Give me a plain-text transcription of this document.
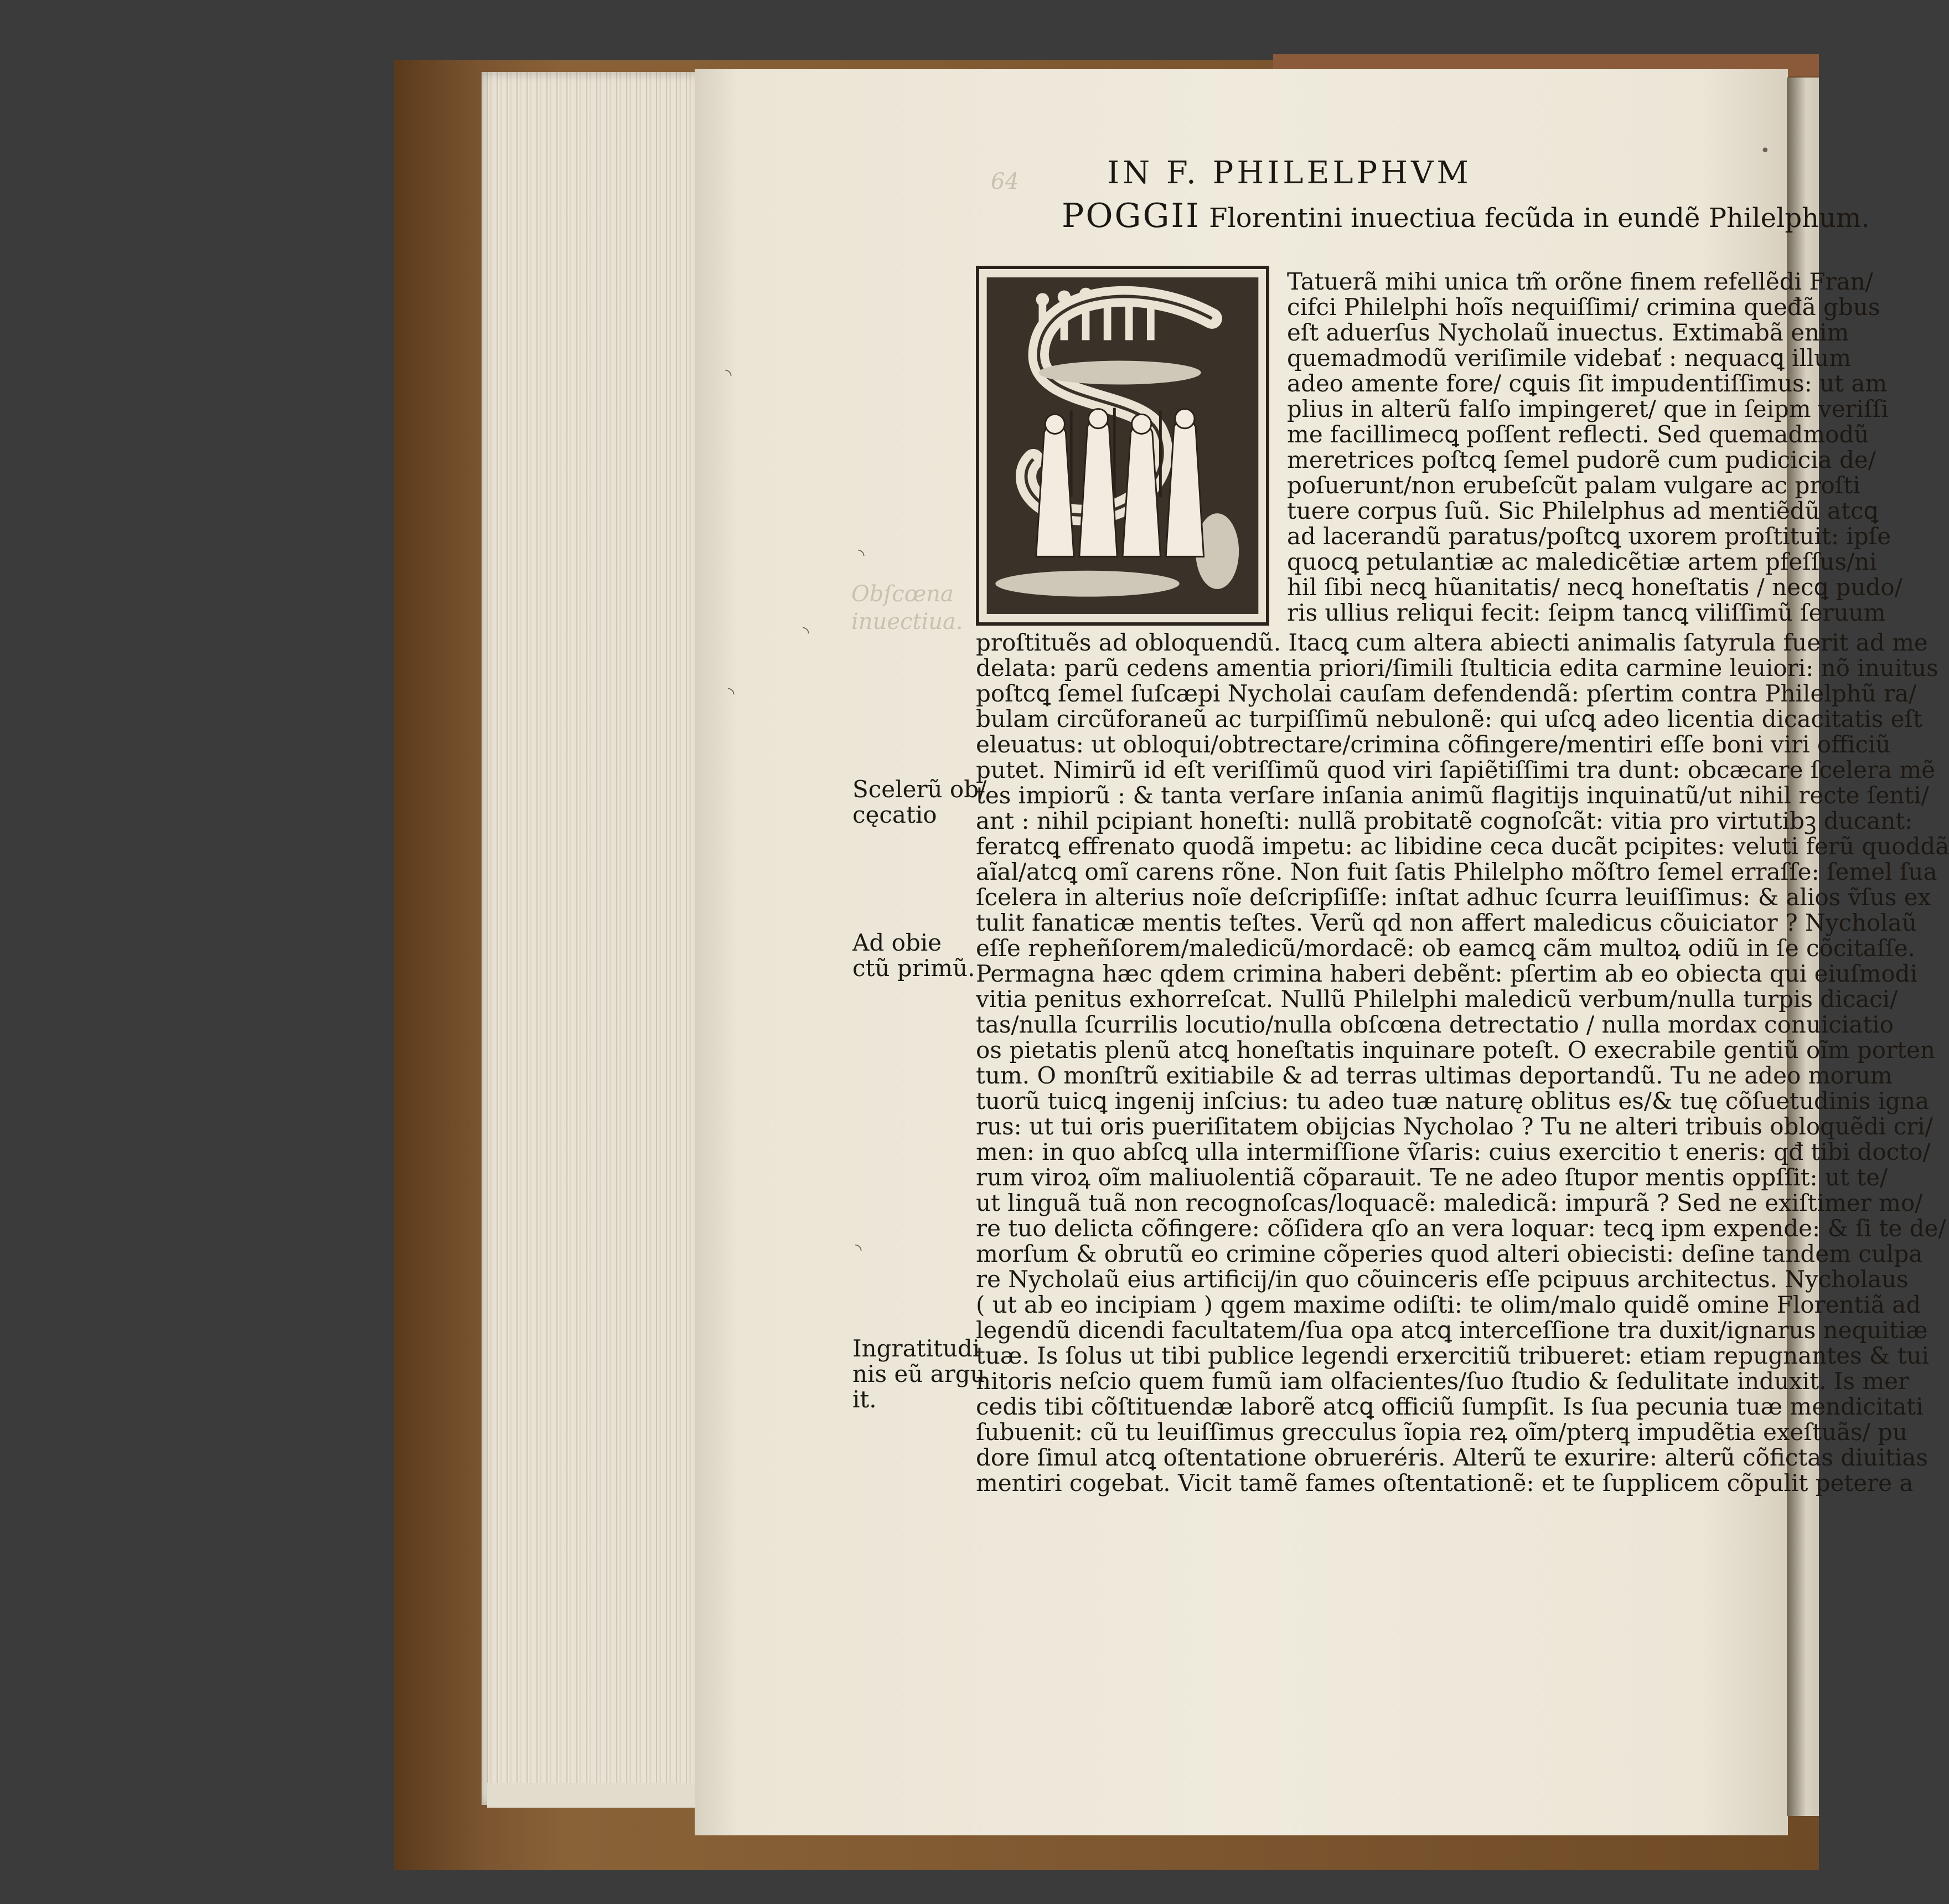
Obſcœna
inuectiua.
64
◝
◝
◝
◝
◝
•
IN F. PHILELPHVM
POGGII Florentini inuectiua fecũda in eundẽ Philelphum.
Tatuerã mihi unica tm̃ orõne finem refellẽdi Fran/
cifci Philelphi hoĩs nequiſſimi/ crimina queđã gbus
eſt aduerſus Nycholaũ inuectus. Extimabã enim
quemadmodũ veriſimile videbať : nequacꝗ illum
adeo amente fore/ cꝗuis ſit impudentiſſimus: ut am
plius in alterũ falſo impingeret/ que in ſeipm veriſſi
me facillimecꝗ poſſent reflecti. Sed quemadmodũ
meretrices poſtcꝗ ſemel pudorẽ cum pudicicia de/
poſuerunt/non erubeſcũt palam vulgare ac proſti
tuere corpus ſuũ. Sic Philelphus ad mentiẽdũ atcꝗ
ad lacerandũ paratus/poſtcꝗ uxorem proſtituit: ipſe
quocꝗ petulantiæ ac maledicẽtiæ artem pfeſſus/ni
hil ſibi necꝗ hũanitatis/ necꝗ honeſtatis / necꝗ pudo/
ris ullius reliqui fecit: ſeipm tancꝗ viliſſimũ ſeruum
proſtituẽs ad obloquendũ. Itacꝗ cum altera abiecti animalis ſatyrula fuerit ad me
delata: parũ cedens amentia priori/ſimili ſtulticia edita carmine leuiori: nõ inuitus
poſtcꝗ ſemel ſuſcæpi Nycholai cauſam defendendã: pſertim contra Philelphũ ra/
bulam circũforaneũ ac turpiſſimũ nebulonẽ: qui uſcꝗ adeo licentia dicacitatis eſt
eleuatus: ut obloqui/obtrectare/crimina cõfingere/mentiri eſſe boni viri officiũ
putet. Nimirũ id eſt veriſſimũ quod viri ſapiẽtiſſimi tra dunt: obcæcare ſcelera mẽ
tes impiorũ : & tanta verſare inſania animũ flagitijs inquinatũ/ut nihil recte ſenti/
ant : nihil pcipiant honeſti: nullã probitatẽ cognoſcãt: vitia pro virtutibꝫ ducant:
feratcꝗ effrenato quodã impetu: ac libidine ceca ducãt pcipites: veluti ferũ quoddã
aĩal/atcꝗ omĩ carens rõne. Non fuit ſatis Philelpho mõſtro ſemel erraſſe: ſemel ſua
ſcelera in alterius noĩe deſcripſiſſe: inſtat adhuc ſcurra leuiſſimus: & alios ṽſus ex
tulit fanaticæ mentis teſtes. Verũ qd non affert maledicus cõuiciator ? Nycholaũ
eſſe repheñſorem/maledicũ/mordacẽ: ob eamcꝗ cãm multoꝝ odiũ in ſe cõcitaſſe.
Permagna hæc qdem crimina haberi debẽnt: pſertim ab eo obiecta qui eiuſmodi
vitia penitus exhorreſcat. Nullũ Philelphi maledicũ verbum/nulla turpis dicaci/
tas/nulla ſcurrilis locutio/nulla obſcœna detrectatio / nulla mordax conuiciatio
os pietatis plenũ atcꝗ honeſtatis inquinare poteſt. O execrabile gentiũ oĩm porten
tum. O monſtrũ exitiabile & ad terras ultimas deportandũ. Tu ne adeo morum
tuorũ tuicꝗ ingenij inſcius: tu adeo tuæ naturę oblitus es/& tuę cõſuetudinis igna
rus: ut tui oris pueriſitatem obijcias Nycholao ? Tu ne alteri tribuis obloquẽdi cri/
men: in quo abſcꝗ ulla intermiſſione ṽſaris: cuius exercitio t eneris: qđ tibi docto/
rum viroꝝ oĩm maliuolentiã cõparauit. Te ne adeo ſtupor mentis oppſſit: ut te/
ut linguã tuã non recognoſcas/loquacẽ: maledicã: impurã ? Sed ne exiſtimer mo/
re tuo delicta cõfingere: cõſidera qſo an vera loquar: tecꝗ ipm expende: & ſi te de/
morſum & obrutũ eo crimine cõperies quod alteri obiecisti: deſine tandem culpa
re Nycholaũ eius artificij/in quo cõuinceris eſſe pcipuus architectus. Nycholaus
( ut ab eo incipiam ) qgem maxime odiſti: te olim/malo quidẽ omine Florentiã ad
legendũ dicendi facultatem/ſua opa atcꝗ interceſſione tra duxit/ignarus nequitiæ
tuæ. Is ſolus ut tibi publice legendi erxercitiũ tribueret: etiam repugnantes & tui
nitoris neſcio quem fumũ iam olfacientes/ſuo ſtudio & ſedulitate induxit. Is mer
cedis tibi cõſtituendæ laborẽ atcꝗ officiũ ſumpſit. Is ſua pecunia tuæ mendicitati
ſubuenit: cũ tu leuiſſimus grecculus ĩopia reꝝ oĩm/pterꝗ impudẽtia exeſtuãs/ pu
dore ſimul atcꝗ oſtentatione obrueréris. Alterũ te exurire: alterũ cõfictas diuitias
mentiri cogebat. Vicit tamẽ fames oſtentationẽ: et te ſupplicem cõpulit petere a
Scelerũ ob/
cęcatio
Ad obie
ctũ primũ.
Ingratitudi
nis eũ argu
it.
